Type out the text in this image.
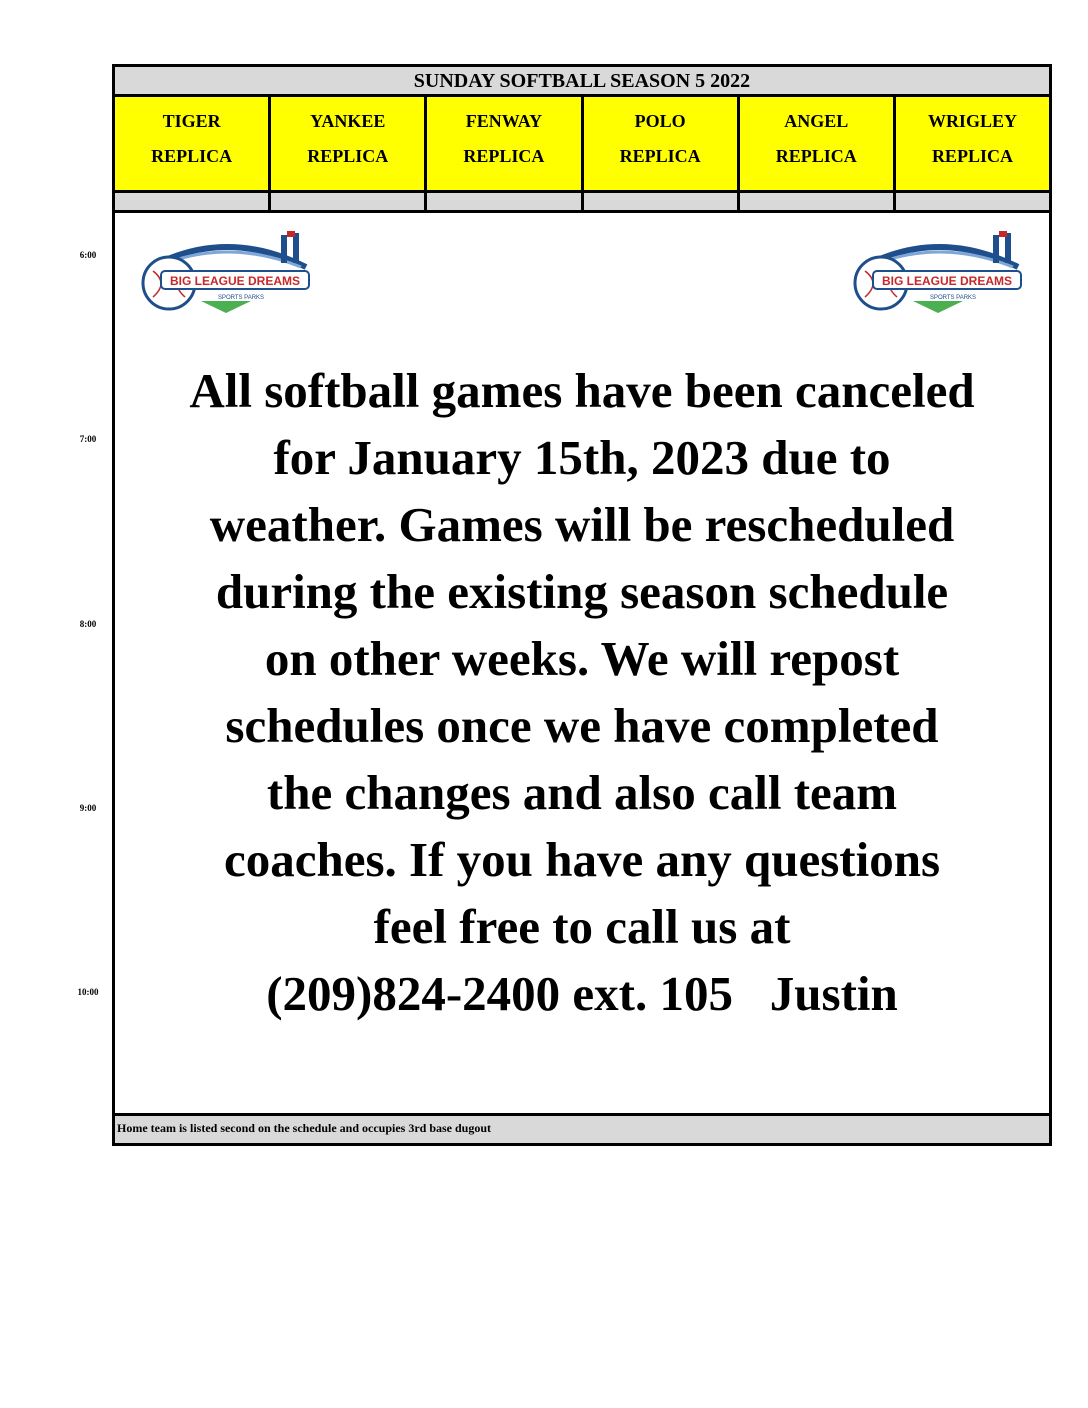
6:00
7:00
8:00
9:00
10:00
SUNDAY SOFTBALL SEASON 5 2022
TIGER
REPLICA
YANKEE
REPLICA
FENWAY
REPLICA
POLO
REPLICA
ANGEL
REPLICA
WRIGLEY
REPLICA
BIG LEAGUE DREAMS
SPORTS PARKS
BIG LEAGUE DREAMS
SPORTS PARKS
All softball games have been canceled
for January 15th, 2023 due to
weather. Games will be rescheduled
during the existing season schedule
on other weeks. We will repost
schedules once we have completed
the changes and also call team
coaches. If you have any questions
feel free to call us at
(209)824-2400 ext. 105   Justin
Home team is listed second on the schedule and occupies 3rd base dugout
